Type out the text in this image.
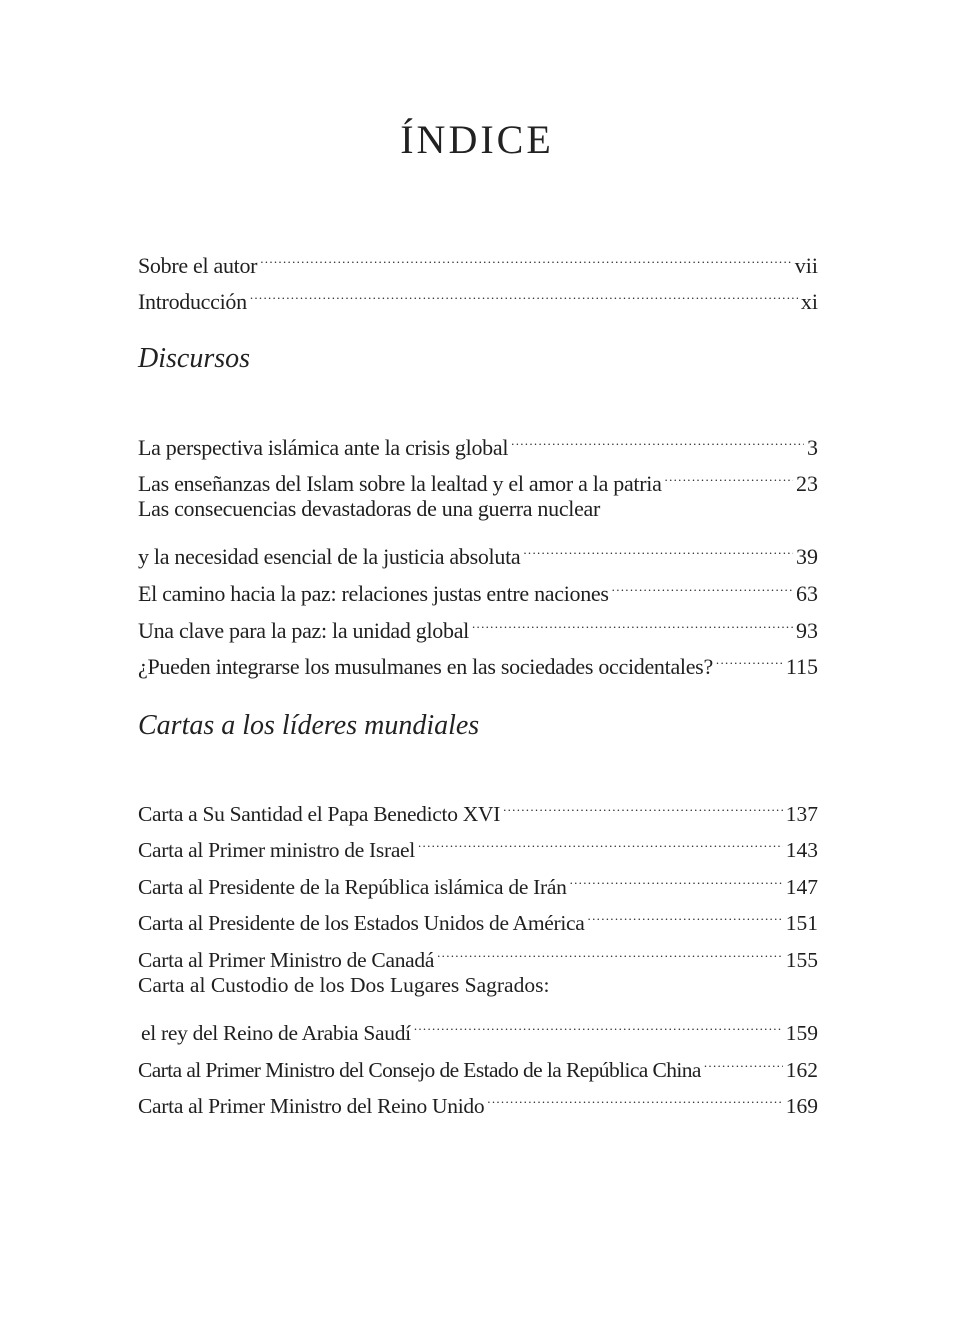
ÍNDICE
Sobre el autor .....	vii
Introducción .....	xi
Discursos
La perspectiva islámica ante la crisis global .....	3
Las enseñanzas del Islam sobre la lealtad y el amor a la patria .....	23
Las consecuencias devastadoras de una guerra nuclear
y la necesidad esencial de la justicia absoluta .....	39
El camino hacia la paz: relaciones justas entre naciones .....	63
Una clave para la paz: la unidad global .....	93
¿Pueden integrarse los musulmanes en las sociedades occidentales? .....	115
Cartas a los líderes mundiales
Carta a Su Santidad el Papa Benedicto XVI .....	137
Carta al Primer ministro de Israel .....	143
Carta al Presidente de la República islámica de Irán .....	147
Carta al Presidente de los Estados Unidos de América .....	151
Carta al Primer Ministro de Canadá .....	155
Carta al Custodio de los Dos Lugares Sagrados:
el rey del Reino de Arabia Saudí .....	159
Carta al Primer Ministro del Consejo de Estado de la República China .....	162
Carta al Primer Ministro del Reino Unido .....	169
